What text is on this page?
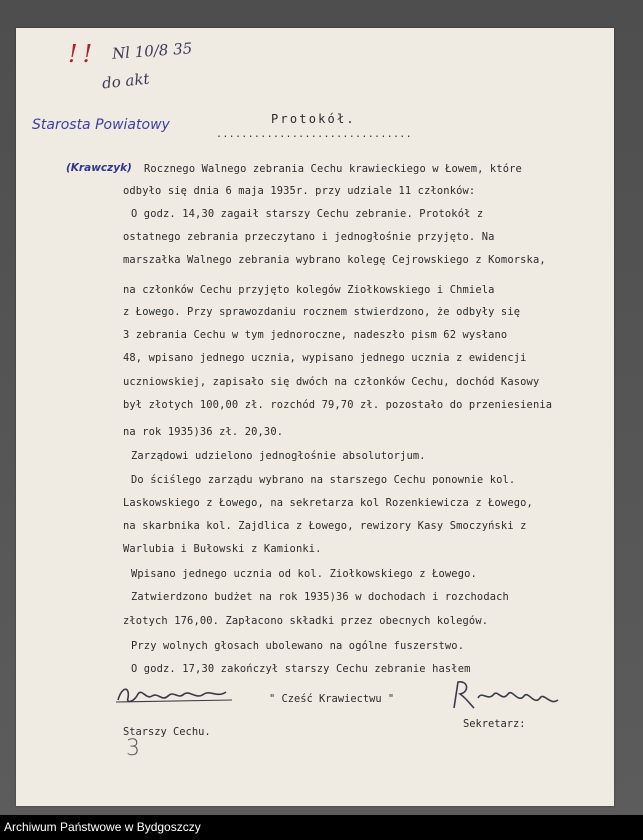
!! Nl 10/8 35
do akt
Starosta Powiatowy
(Krawczyk)
Protokół.
...............................
Rocznego Walnego zebrania Cechu krawieckiego w Łowem, które
odbyło się dnia 6 maja 1935r. przy udziale 11 członków:
O godz. 14,30 zagaił starszy Cechu zebranie. Protokół z
ostatnego zebrania przeczytano i jednogłośnie przyjęto. Na
marszałka Walnego zebrania wybrano kolegę Cejrowskiego z Komorska,
na członków Cechu przyjęto kolegów Ziołkowskiego i Chmiela
z Łowego. Przy sprawozdaniu rocznem stwierdzono, że odbyły się
3 zebrania Cechu w tym jednoroczne, nadeszło pism 62 wysłano
48, wpisano jednego ucznia, wypisano jednego ucznia z ewidencji
uczniowskiej, zapisało się dwóch na członków Cechu, dochód Kasowy
był złotych 100,00 zł. rozchód 79,70 zł. pozostało do przeniesienia
na rok 1935)36 zł. 20,30.
Zarządowi udzielono jednogłośnie absolutorjum.
Do ściślego zarządu wybrano na starszego Cechu ponownie kol.
Laskowskiego z Łowego, na sekretarza kol Rozenkiewicza z Łowego,
na skarbnika kol. Zajdlica z Łowego, rewizory Kasy Smoczyński z
Warlubia i Bułowski z Kamionki.
Wpisano jednego ucznia od kol. Ziołkowskiego z Łowego.
Zatwierdzono budżet na rok 1935)36 w dochodach i rozchodach
złotych 176,00. Zapłacono składki przez obecnych kolegów.
Przy wolnych głosach ubolewano na ogólne fuszerstwo.
O godz. 17,30 zakończył starszy Cechu zebranie hasłem
" Cześć Krawiectwu "
Starszy Cechu.
Sekretarz:
3
Archiwum Państwowe w Bydgoszczy
